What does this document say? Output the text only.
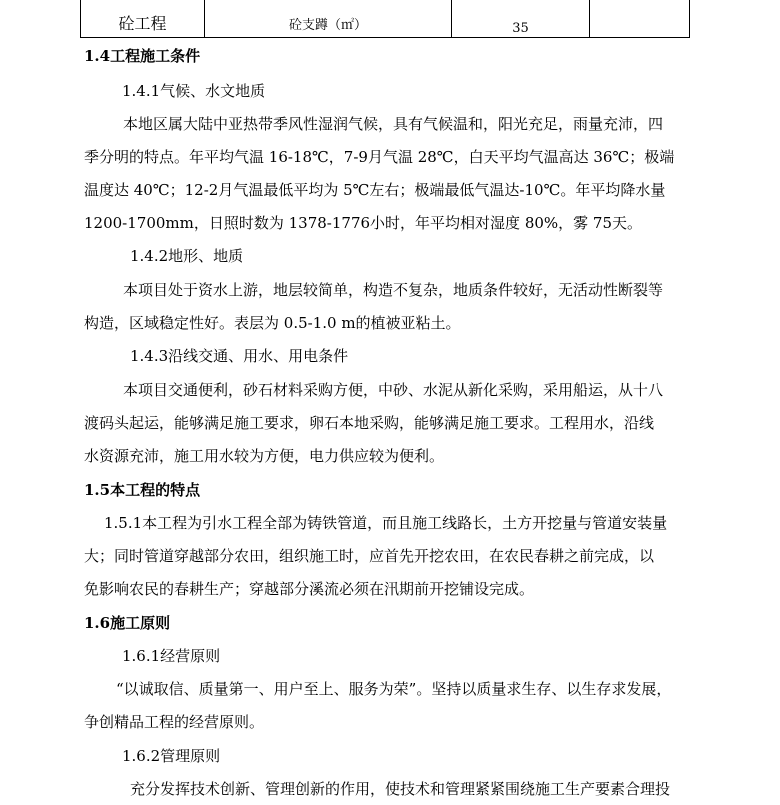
砼工程	砼支蹲（㎡）	35	
1.4工程施工条件
1.4.1气候、水文地质
本地区属大陆中亚热带季风性湿润气候，具有气候温和，阳光充足，雨量充沛，四
季分明的特点。年平均气温 16-18℃，7-9月气温 28℃，白天平均气温高达 36℃；极端
温度达 40℃；12-2月气温最低平均为 5℃左右；极端最低气温达-10℃。年平均降水量
1200-1700mm，日照时数为 1378-1776小时，年平均相对湿度 80%，雾 75天。
1.4.2地形、地质
本项目处于资水上游，地层较简单，构造不复杂，地质条件较好，无活动性断裂等
构造，区域稳定性好。表层为 0.5-1.0 m的植被亚粘土。
1.4.3沿线交通、用水、用电条件
本项目交通便利，砂石材料采购方便，中砂、水泥从新化采购，采用船运，从十八
渡码头起运，能够满足施工要求，卵石本地采购，能够满足施工要求。工程用水，沿线
水资源充沛，施工用水较为方便，电力供应较为便利。
1.5本工程的特点
1.5.1本工程为引水工程全部为铸铁管道，而且施工线路长，土方开挖量与管道安装量
大；同时管道穿越部分农田，组织施工时，应首先开挖农田，在农民春耕之前完成，以
免影响农民的春耕生产；穿越部分溪流必须在汛期前开挖铺设完成。
1.6施工原则
1.6.1经营原则
“以诚取信、质量第一、用户至上、服务为荣”。坚持以质量求生存、以生存求发展，
争创精品工程的经营原则。
1.6.2管理原则
充分发挥技术创新、管理创新的作用，使技术和管理紧紧围绕施工生产要素合理投
